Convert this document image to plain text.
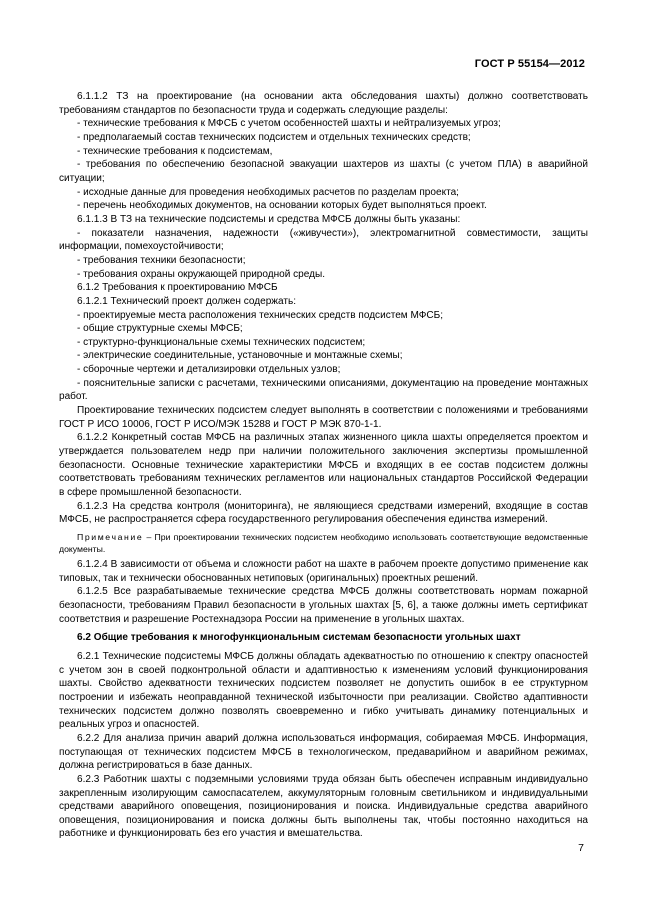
ГОСТ Р 55154—2012

6.1.1.2 ТЗ на проектирование (на основании акта обследования шахты) должно соответствовать требованиям стандартов по безопасности труда и содержать следующие разделы:

- технические требования к МФСБ с учетом особенностей шахты и нейтрализуемых угроз;

- предполагаемый состав технических подсистем и отдельных технических средств;

- технические требования к подсистемам,

- требования по обеспечению безопасной эвакуации шахтеров из шахты (с учетом ПЛА) в аварийной ситуации;

- исходные данные для проведения необходимых расчетов по разделам проекта;

- перечень необходимых документов, на основании которых будет выполняться проект.

6.1.1.3 В ТЗ на технические подсистемы и средства МФСБ должны быть указаны:

- показатели назначения, надежности («живучести»), электромагнитной совместимости, защиты информации, помехоустойчивости;

- требования техники безопасности;

- требования охраны окружающей природной среды.

6.1.2 Требования к проектированию МФСБ

6.1.2.1 Технический проект должен содержать:

- проектируемые места расположения технических средств подсистем МФСБ;

- общие структурные схемы МФСБ;

- структурно-функциональные схемы технических подсистем;

- электрические соединительные, установочные и монтажные схемы;

- сборочные чертежи и детализировки отдельных узлов;

- пояснительные записки с расчетами, техническими описаниями, документацию на проведение монтажных работ.

Проектирование технических подсистем следует выполнять в соответствии с положениями и требованиями ГОСТ Р ИСО 10006, ГОСТ Р ИСО/МЭК 15288 и ГОСТ Р МЭК 870-1-1.

6.1.2.2 Конкретный состав МФСБ на различных этапах жизненного цикла шахты определяется проектом и утверждается пользователем недр при наличии положительного заключения экспертизы промышленной безопасности. Основные технические характеристики МФСБ и входящих в ее состав подсистем должны соответствовать требованиям технических регламентов или национальных стандартов Российской Федерации в сфере промышленной безопасности.

6.1.2.3 На средства контроля (мониторинга), не являющиеся средствами измерений, входящие в состав МФСБ, не распространяется сфера государственного регулирования обеспечения единства измерений.

Примечание – При проектировании технических подсистем необходимо использовать соответствующие ведомственные документы.

6.1.2.4 В зависимости от объема и сложности работ на шахте в рабочем проекте допустимо применение как типовых, так и технически обоснованных нетиповых (оригинальных) проектных решений.

6.1.2.5 Все разрабатываемые технические средства МФСБ должны соответствовать нормам пожарной безопасности, требованиям Правил безопасности в угольных шахтах [5, 6], а также должны иметь сертификат соответствия и разрешение Ростехнадзора России на применение в угольных шахтах.

6.2 Общие требования к многофункциональным системам безопасности угольных шахт

6.2.1 Технические подсистемы МФСБ должны обладать адекватностью по отношению к спектру опасностей с учетом зон в своей подконтрольной области и адаптивностью к изменениям условий функционирования шахты. Свойство адекватности технических подсистем позволяет не допустить ошибок в ее структурном построении и избежать неоправданной технической избыточности при реализации. Свойство адаптивности технических подсистем должно позволять своевременно и гибко учитывать динамику потенциальных и реальных угроз и опасностей.

6.2.2 Для анализа причин аварий должна использоваться информация, собираемая МФСБ. Информация, поступающая от технических подсистем МФСБ в технологическом, предаварийном и аварийном режимах, должна регистрироваться в базе данных.

6.2.3 Работник шахты с подземными условиями труда обязан быть обеспечен исправным индивидуально закрепленным изолирующим самоспасателем, аккумуляторным головным светильником и индивидуальными средствами аварийного оповещения, позиционирования и поиска. Индивидуальные средства аварийного оповещения, позиционирования и поиска должны быть выполнены так, чтобы постоянно находиться на работнике и функционировать без его участия и вмешательства.

7
